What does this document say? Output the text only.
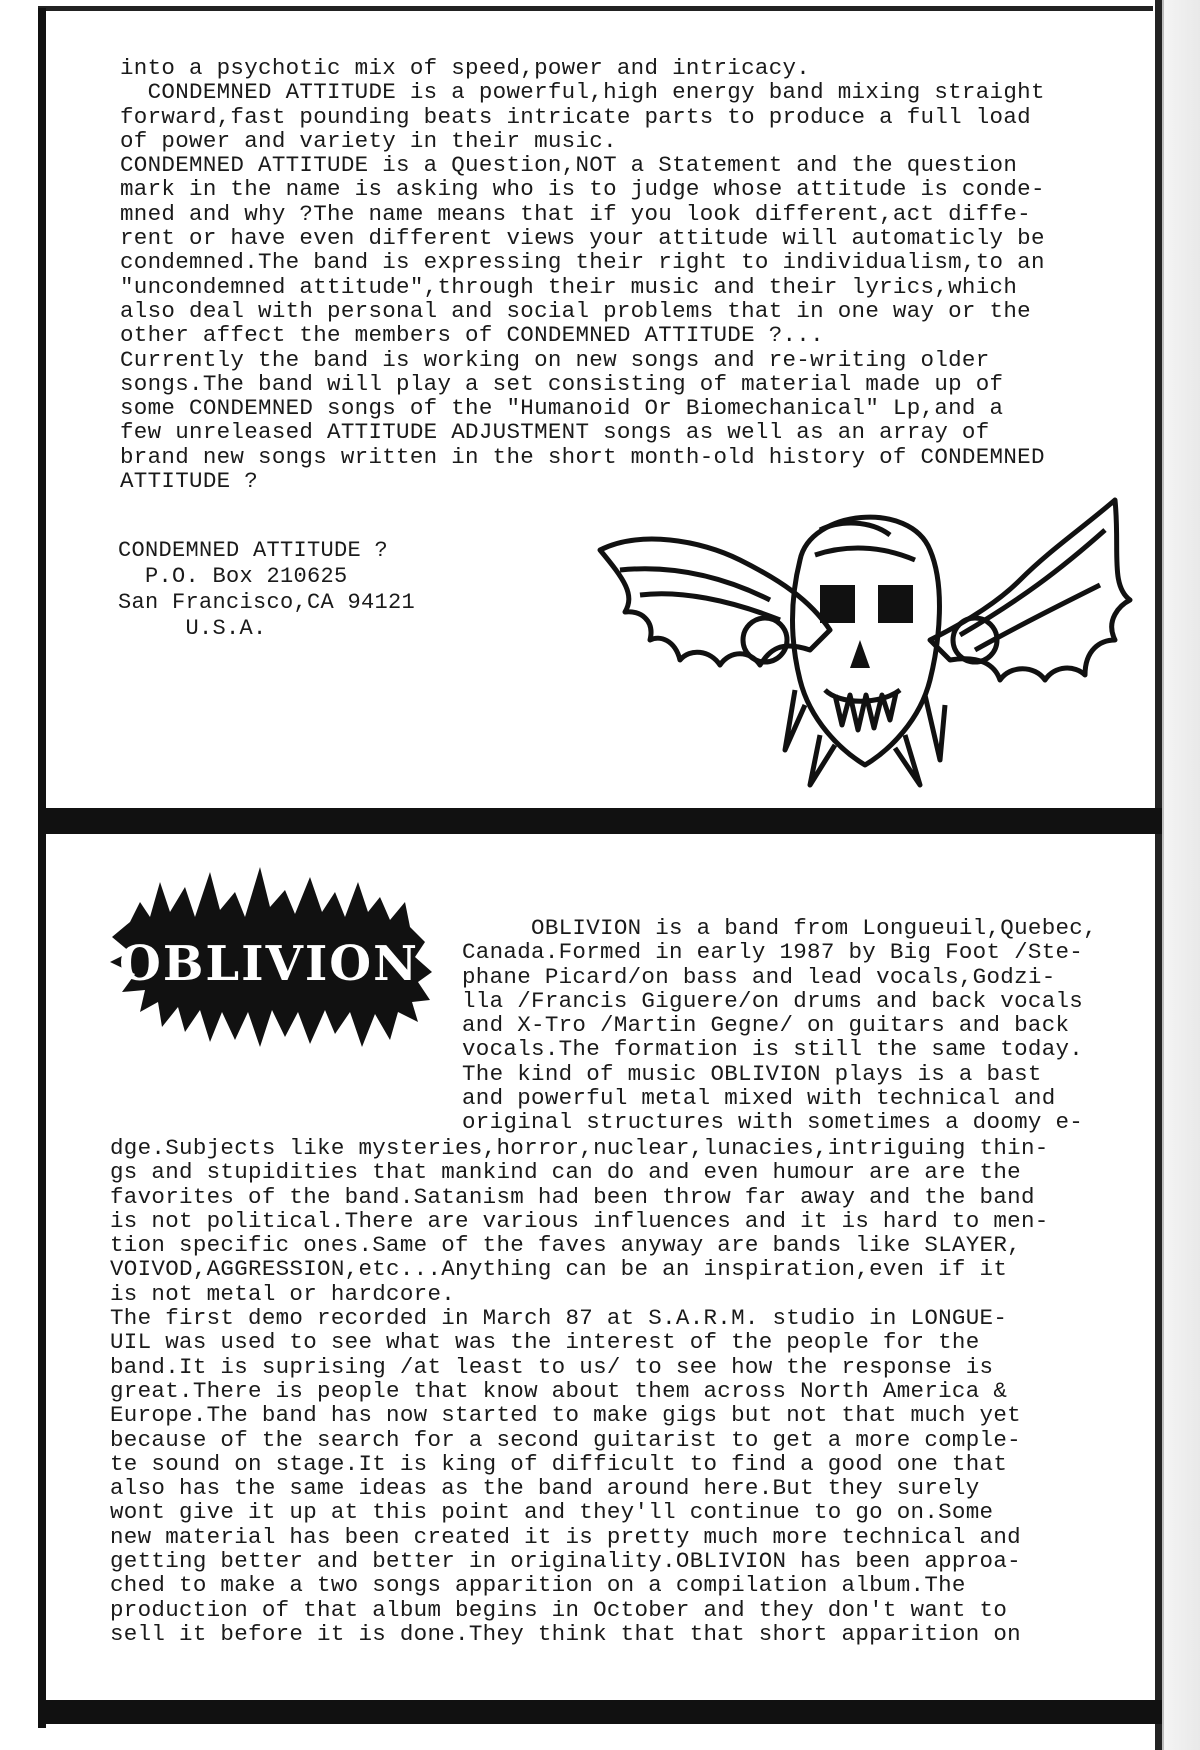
into a psychotic mix of speed,power and intricacy.
CONDEMNED ATTITUDE is a powerful,high energy band mixing straight
forward,fast pounding beats intricate parts to produce a full load
of power and variety in their music.
CONDEMNED ATTITUDE is a Question,NOT a Statement and the question
mark in the name is asking who is to judge whose attitude is conde-
mned and why ?The name means that if you look different,act diffe-
rent or have even different views your attitude will automaticly be
condemned.The band is expressing their right to individualism,to an
"uncondemned attitude",through their music and their lyrics,which
also deal with personal and social problems that in one way or the
other affect the members of CONDEMNED ATTITUDE ?...
Currently the band is working on new songs and re-writing older
songs.The band will play a set consisting of material made up of
some CONDEMNED songs of the "Humanoid Or Biomechanical" Lp,and a
few unreleased ATTITUDE ADJUSTMENT songs as well as an array of
brand new songs written in the short month-old history of CONDEMNED
ATTITUDE ?
CONDEMNED ATTITUDE ?
P.O. Box 210625
San Francisco,CA 94121
U.S.A.
OBLIVION
OBLIVION is a band from Longueuil,Quebec,
Canada.Formed in early 1987 by Big Foot /Ste-
phane Picard/on bass and lead vocals,Godzi-
lla /Francis Giguere/on drums and back vocals
and X-Tro /Martin Gegne/ on guitars and back
vocals.The formation is still the same today.
The kind of music OBLIVION plays is a bast
and powerful metal mixed with technical and
original structures with sometimes a doomy e-
dge.Subjects like mysteries,horror,nuclear,lunacies,intriguing thin-
gs and stupidities that mankind can do and even humour are are the
favorites of the band.Satanism had been throw far away and the band
is not political.There are various influences and it is hard to men-
tion specific ones.Same of the faves anyway are bands like SLAYER,
VOIVOD,AGGRESSION,etc...Anything can be an inspiration,even if it
is not metal or hardcore.
The first demo recorded in March 87 at S.A.R.M. studio in LONGUE-
UIL was used to see what was the interest of the people for the
band.It is suprising /at least to us/ to see how the response is
great.There is people that know about them across North America &
Europe.The band has now started to make gigs but not that much yet
because of the search for a second guitarist to get a more comple-
te sound on stage.It is king of difficult to find a good one that
also has the same ideas as the band around here.But they surely
wont give it up at this point and they'll continue to go on.Some
new material has been created it is pretty much more technical and
getting better and better in originality.OBLIVION has been approa-
ched to make a two songs apparition on a compilation album.The
production of that album begins in October and they don't want to
sell it before it is done.They think that that short apparition on
